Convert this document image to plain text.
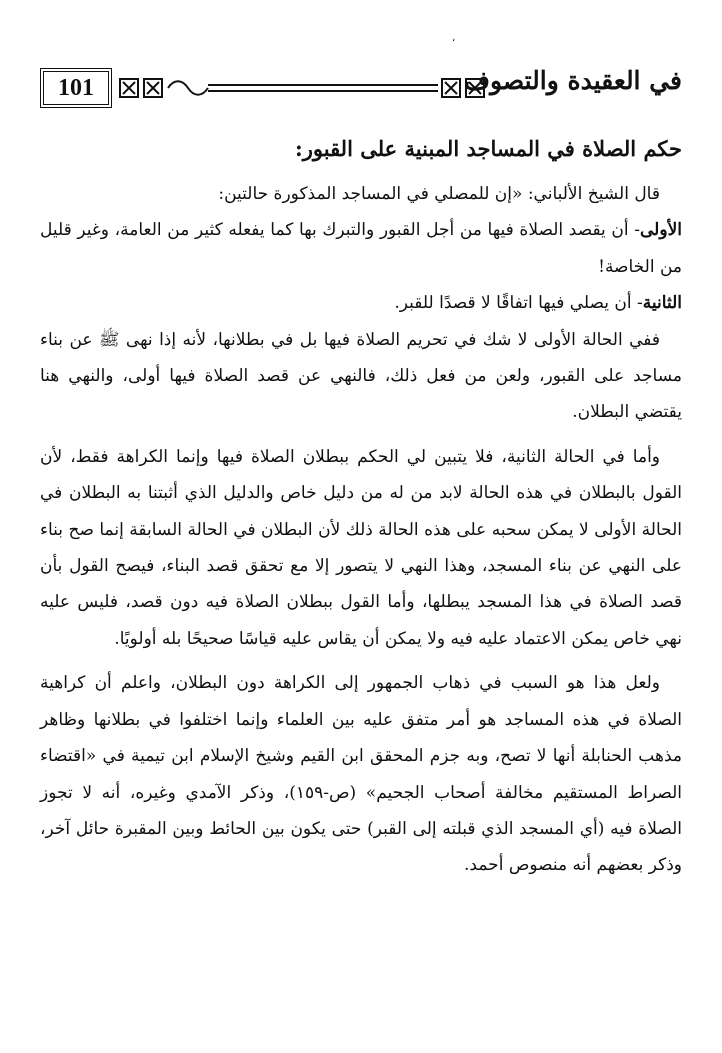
،
101	في العقيدة والتصوف

حكم الصلاة في المساجد المبنية على القبور:

قال الشيخ الألباني: «إن للمصلي في المساجد المذكورة حالتين:

الأولى- أن يقصد الصلاة فيها من أجل القبور والتبرك بها كما يفعله كثير من العامة، وغير قليل من الخاصة!

الثانية- أن يصلي فيها اتفاقًا لا قصدًا للقبر.

ففي الحالة الأولى لا شك في تحريم الصلاة فيها بل في بطلانها، لأنه إذا نهى ﷺ عن بناء مساجد على القبور، ولعن من فعل ذلك، فالنهي عن قصد الصلاة فيها أولى، والنهي هنا يقتضي البطلان.

وأما في الحالة الثانية، فلا يتبين لي الحكم ببطلان الصلاة فيها وإنما الكراهة فقط، لأن القول بالبطلان في هذه الحالة لابد من له من دليل خاص والدليل الذي أثبتنا به البطلان في الحالة الأولى لا يمكن سحبه على هذه الحالة ذلك لأن البطلان في الحالة السابقة إنما صح بناء على النهي عن بناء المسجد، وهذا النهي لا يتصور إلا مع تحقق قصد البناء، فيصح القول بأن قصد الصلاة في هذا المسجد يبطلها، وأما القول ببطلان الصلاة فيه دون قصد، فليس عليه نهي خاص يمكن الاعتماد عليه فيه ولا يمكن أن يقاس عليه قياسًا صحيحًا بله أولويًا.

ولعل هذا هو السبب في ذهاب الجمهور إلى الكراهة دون البطلان، واعلم أن كراهية الصلاة في هذه المساجد هو أمر متفق عليه بين العلماء وإنما اختلفوا في بطلانها وظاهر مذهب الحنابلة أنها لا تصح، وبه جزم المحقق ابن القيم وشيخ الإسلام ابن تيمية في «اقتضاء الصراط المستقيم مخالفة أصحاب الجحيم» (ص-١٥٩)، وذكر الآمدي وغيره، أنه لا تجوز الصلاة فيه (أي المسجد الذي قبلته إلى القبر) حتى يكون بين الحائط وبين المقبرة حائل آخر، وذكر بعضهم أنه منصوص أحمد.
